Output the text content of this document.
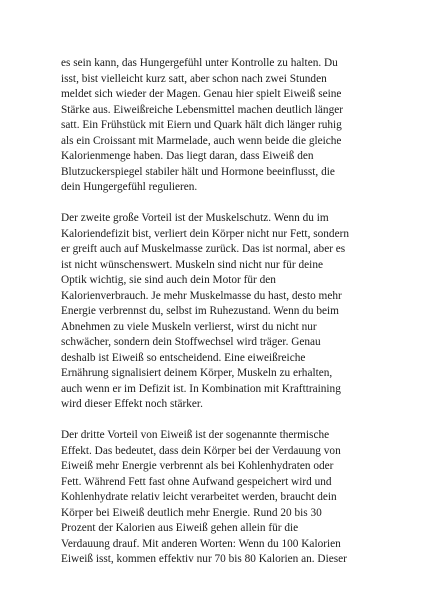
es sein kann, das Hungergefühl unter Kontrolle zu halten. Du
isst, bist vielleicht kurz satt, aber schon nach zwei Stunden
meldet sich wieder der Magen. Genau hier spielt Eiweiß seine
Stärke aus. Eiweißreiche Lebensmittel machen deutlich länger
satt. Ein Frühstück mit Eiern und Quark hält dich länger ruhig
als ein Croissant mit Marmelade, auch wenn beide die gleiche
Kalorienmenge haben. Das liegt daran, dass Eiweiß den
Blutzuckerspiegel stabiler hält und Hormone beeinflusst, die
dein Hungergefühl regulieren.

Der zweite große Vorteil ist der Muskelschutz. Wenn du im
Kaloriendefizit bist, verliert dein Körper nicht nur Fett, sondern
er greift auch auf Muskelmasse zurück. Das ist normal, aber es
ist nicht wünschenswert. Muskeln sind nicht nur für deine
Optik wichtig, sie sind auch dein Motor für den
Kalorienverbrauch. Je mehr Muskelmasse du hast, desto mehr
Energie verbrennst du, selbst im Ruhezustand. Wenn du beim
Abnehmen zu viele Muskeln verlierst, wirst du nicht nur
schwächer, sondern dein Stoffwechsel wird träger. Genau
deshalb ist Eiweiß so entscheidend. Eine eiweißreiche
Ernährung signalisiert deinem Körper, Muskeln zu erhalten,
auch wenn er im Defizit ist. In Kombination mit Krafttraining
wird dieser Effekt noch stärker.

Der dritte Vorteil von Eiweiß ist der sogenannte thermische
Effekt. Das bedeutet, dass dein Körper bei der Verdauung von
Eiweiß mehr Energie verbrennt als bei Kohlenhydraten oder
Fett. Während Fett fast ohne Aufwand gespeichert wird und
Kohlenhydrate relativ leicht verarbeitet werden, braucht dein
Körper bei Eiweiß deutlich mehr Energie. Rund 20 bis 30
Prozent der Kalorien aus Eiweiß gehen allein für die
Verdauung drauf. Mit anderen Worten: Wenn du 100 Kalorien
Eiweiß isst, kommen effektiv nur 70 bis 80 Kalorien an. Dieser
